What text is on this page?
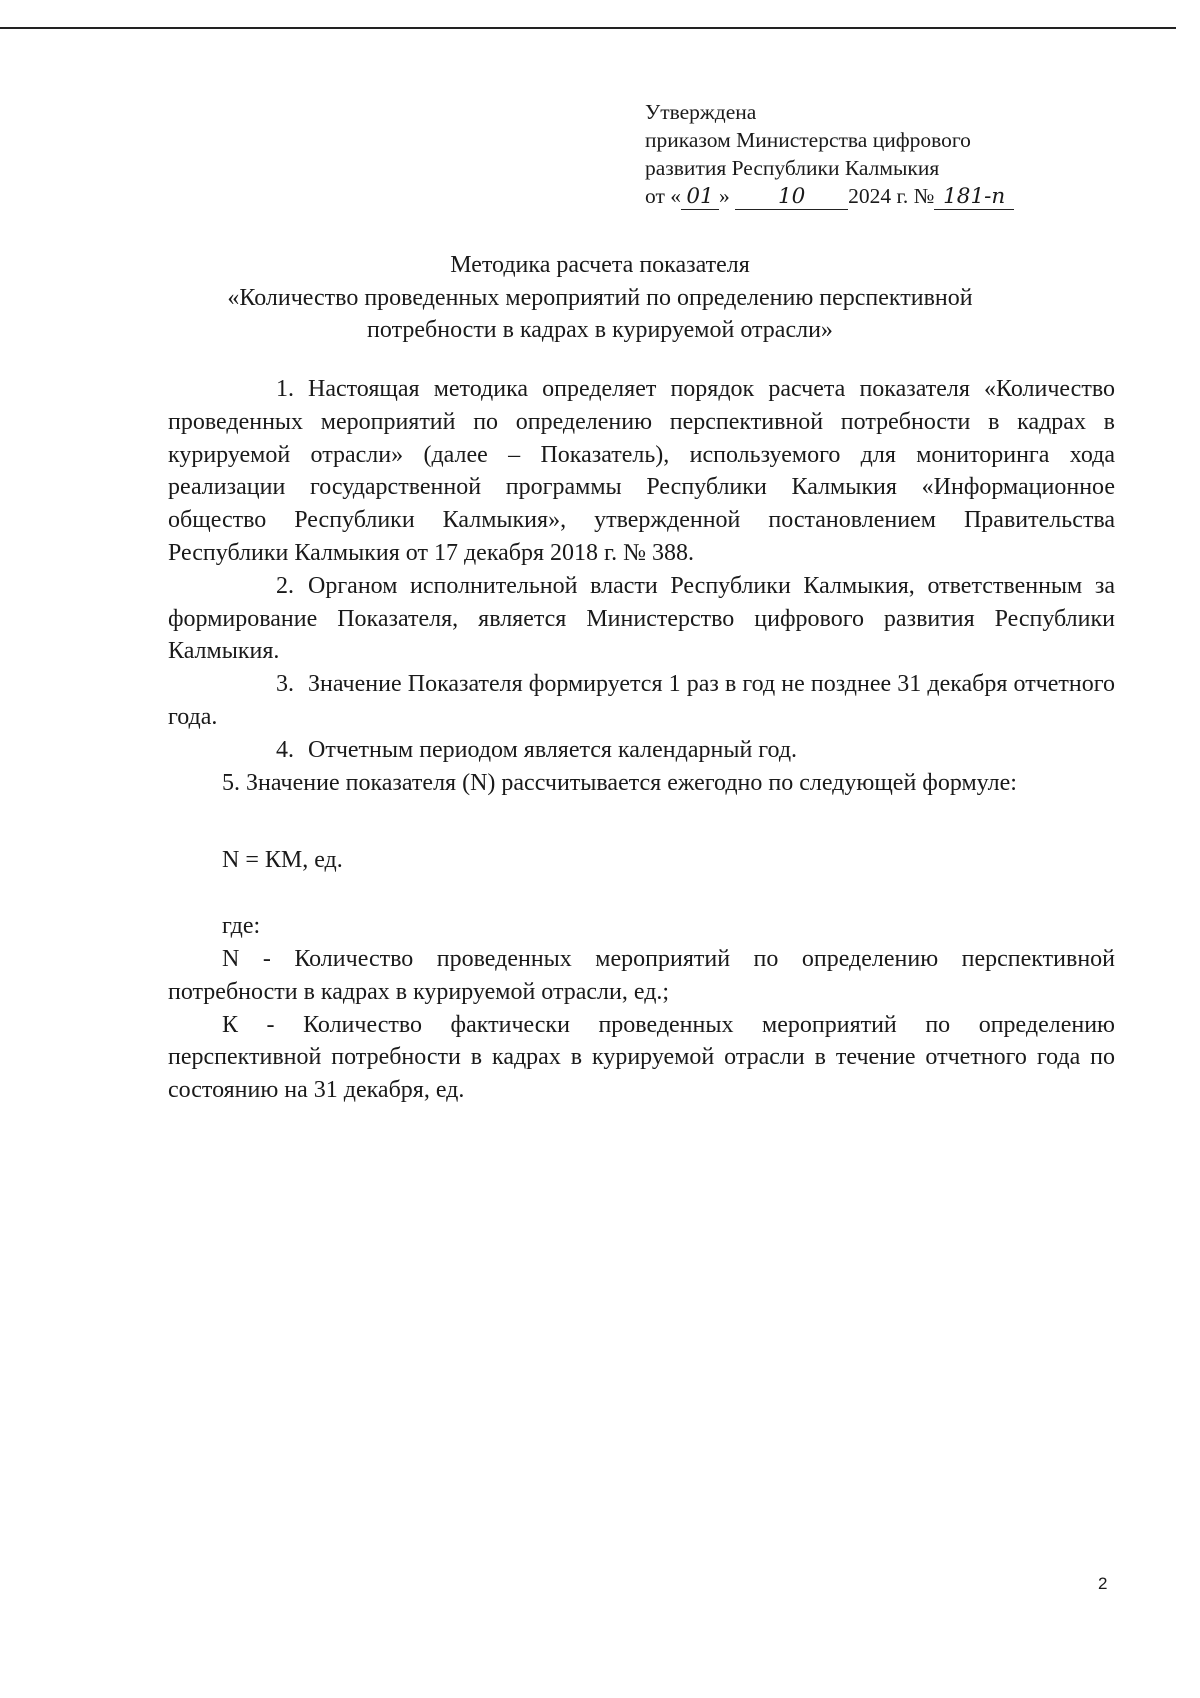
Утверждена
приказом Министерства цифрового
развития Республики Калмыкия
от « 01 » 10 2024 г. № 181-п
Методика расчета показателя
«Количество проведенных мероприятий по определению перспективной
потребности в кадрах в курируемой отрасли»

1. Настоящая методика определяет порядок расчета показателя «Количество проведенных мероприятий по определению перспективной потребности в кадрах в курируемой отрасли» (далее – Показатель), используемого для мониторинга хода реализации государственной программы Республики Калмыкия «Информационное общество Республики Калмыкия», утвержденной постановлением Правительства Республики Калмыкия от 17 декабря 2018 г. № 388.

2. Органом исполнительной власти Республики Калмыкия, ответственным за формирование Показателя, является Министерство цифрового развития Республики Калмыкия.

3. Значение Показателя формируется 1 раз в год не позднее 31 декабря отчетного года.

4. Отчетным периодом является календарный год.

5. Значение показателя (N) рассчитывается ежегодно по следующей формуле:

N = КМ, ед.

где:

N - Количество проведенных мероприятий по определению перспективной потребности в кадрах в курируемой отрасли, ед.;

К - Количество фактически проведенных мероприятий по определению перспективной потребности в кадрах в курируемой отрасли в течение отчетного года по состоянию на 31 декабря, ед.

2
